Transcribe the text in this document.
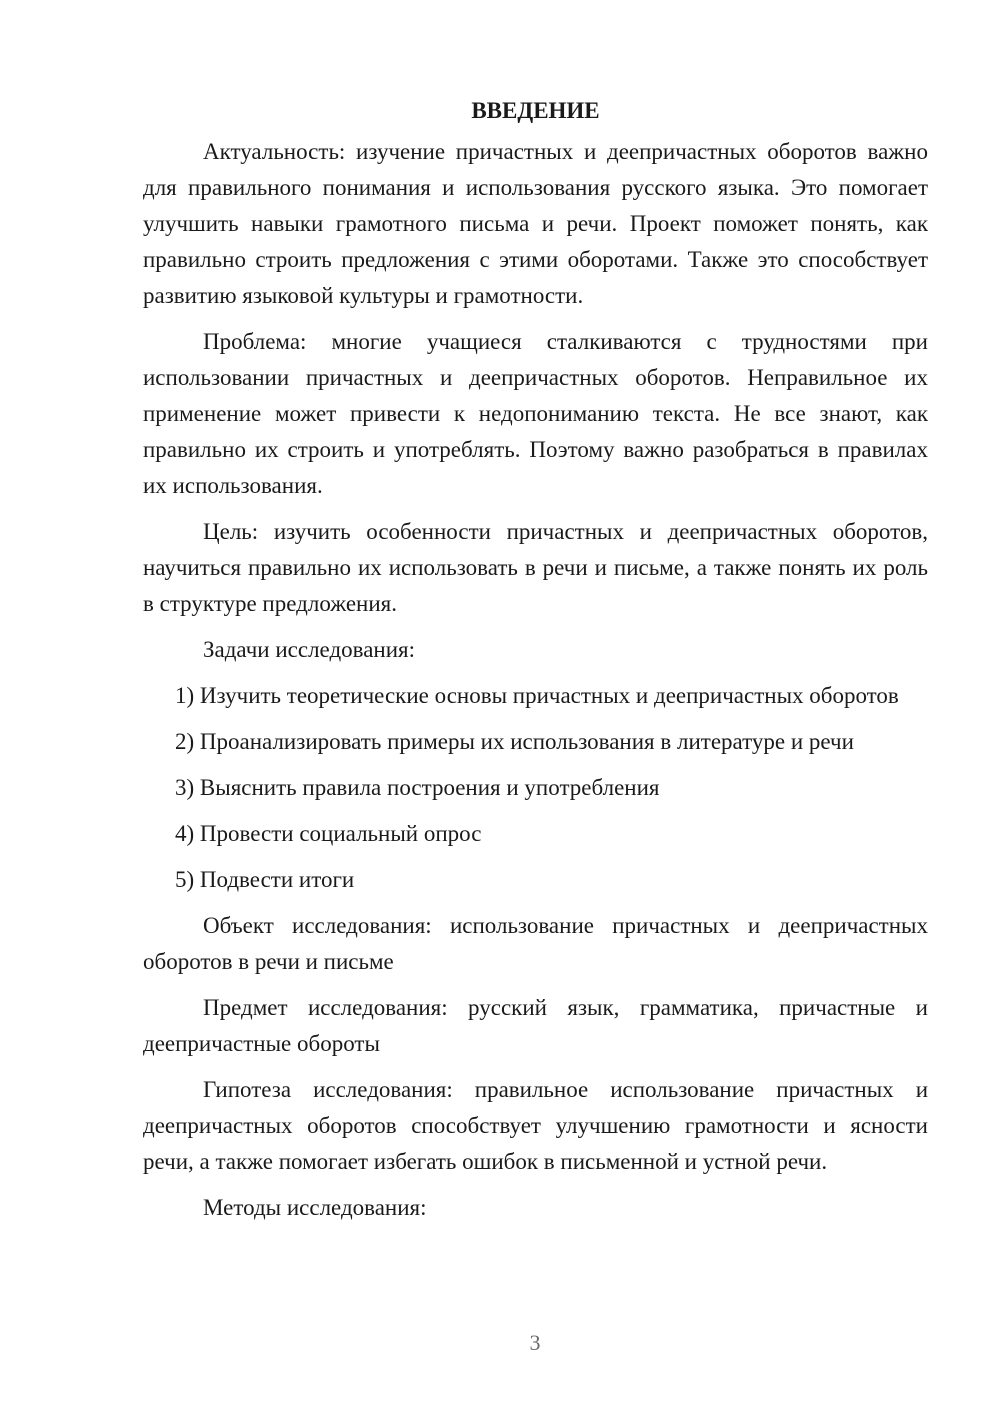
ВВЕДЕНИЕ

Актуальность: изучение причастных и деепричастных оборотов важно для правильного понимания и использования русского языка. Это помогает улучшить навыки грамотного письма и речи. Проект поможет понять, как правильно строить предложения с этими оборотами. Также это способствует развитию языковой культуры и грамотности.

Проблема: многие учащиеся сталкиваются с трудностями при использовании причастных и деепричастных оборотов. Неправильное их применение может привести к недопониманию текста. Не все знают, как правильно их строить и употреблять. Поэтому важно разобраться в правилах их использования.

Цель: изучить особенности причастных и деепричастных оборотов, научиться правильно их использовать в речи и письме, а также понять их роль в структуре предложения.

Задачи исследования:

1) Изучить теоретические основы причастных и деепричастных оборотов
2) Проанализировать примеры их использования в литературе и речи
3) Выяснить правила построения и употребления
4) Провести социальный опрос
5) Подвести итоги

Объект исследования: использование причастных и деепричастных оборотов в речи и письме

Предмет исследования: русский язык, грамматика, причастные и деепричастные обороты

Гипотеза исследования: правильное использование причастных и деепричастных оборотов способствует улучшению грамотности и ясности речи, а также помогает избегать ошибок в письменной и устной речи.

Методы исследования:

3
